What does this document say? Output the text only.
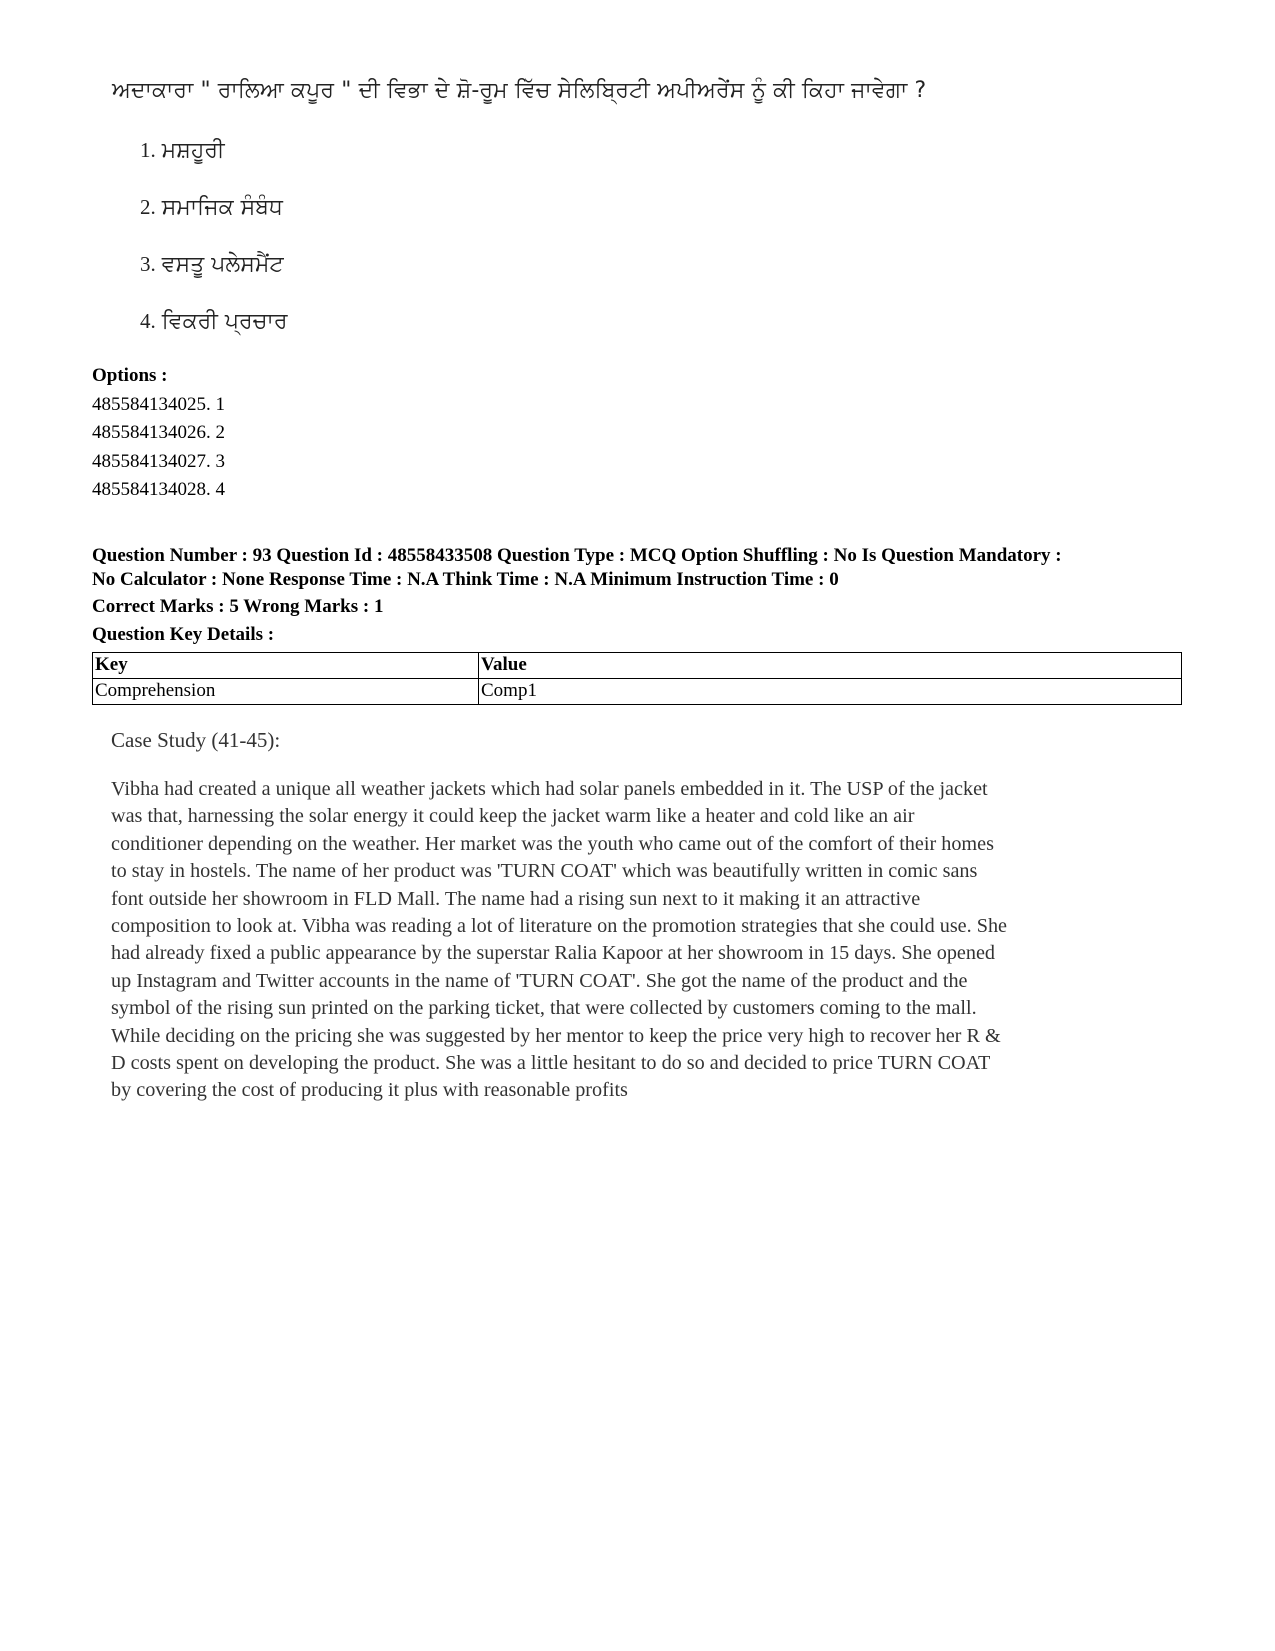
ਅਦਾਕਾਰਾ " ਰਾਲਿਆ ਕਪੂਰ " ਦੀ ਵਿਭਾ ਦੇ ਸ਼ੋ-ਰੂਮ ਵਿੱਚ ਸੇਲਿਬ੍ਰਿਟੀ ਅਪੀਅਰੇਂਸ ਨੂੰ ਕੀ ਕਿਹਾ ਜਾਵੇਗਾ ?
1. ਮਸ਼ਹੂਰੀ
2. ਸਮਾਜਿਕ ਸੰਬੰਧ
3. ਵਸਤੂ ਪਲੇਸਮੈਂਟ
4. ਵਿਕਰੀ ਪ੍ਰਚਾਰ
Options :
485584134025. 1
485584134026. 2
485584134027. 3
485584134028. 4
Question Number : 93 Question Id : 48558433508 Question Type : MCQ Option Shuffling : No Is Question Mandatory :
No Calculator : None Response Time : N.A Think Time : N.A Minimum Instruction Time : 0
Correct Marks : 5 Wrong Marks : 1
Question Key Details :
Key	Value
Comprehension	Comp1
Case Study (41-45):
Vibha had created a unique all weather jackets which had solar panels embedded in it. The USP of the jacket
was that, harnessing the solar energy it could keep the jacket warm like a heater and cold like an air
conditioner depending on the weather. Her market was the youth who came out of the comfort of their homes
to stay in hostels. The name of her product was 'TURN COAT' which was beautifully written in comic sans
font outside her showroom in FLD Mall. The name had a rising sun next to it making it an attractive
composition to look at. Vibha was reading a lot of literature on the promotion strategies that she could use. She
had already fixed a public appearance by the superstar Ralia Kapoor at her showroom in 15 days. She opened
up Instagram and Twitter accounts in the name of 'TURN COAT'. She got the name of the product and the
symbol of the rising sun printed on the parking ticket, that were collected by customers coming to the mall.
While deciding on the pricing she was suggested by her mentor to keep the price very high to recover her R &
D costs spent on developing the product. She was a little hesitant to do so and decided to price TURN COAT
by covering the cost of producing it plus with reasonable profits
